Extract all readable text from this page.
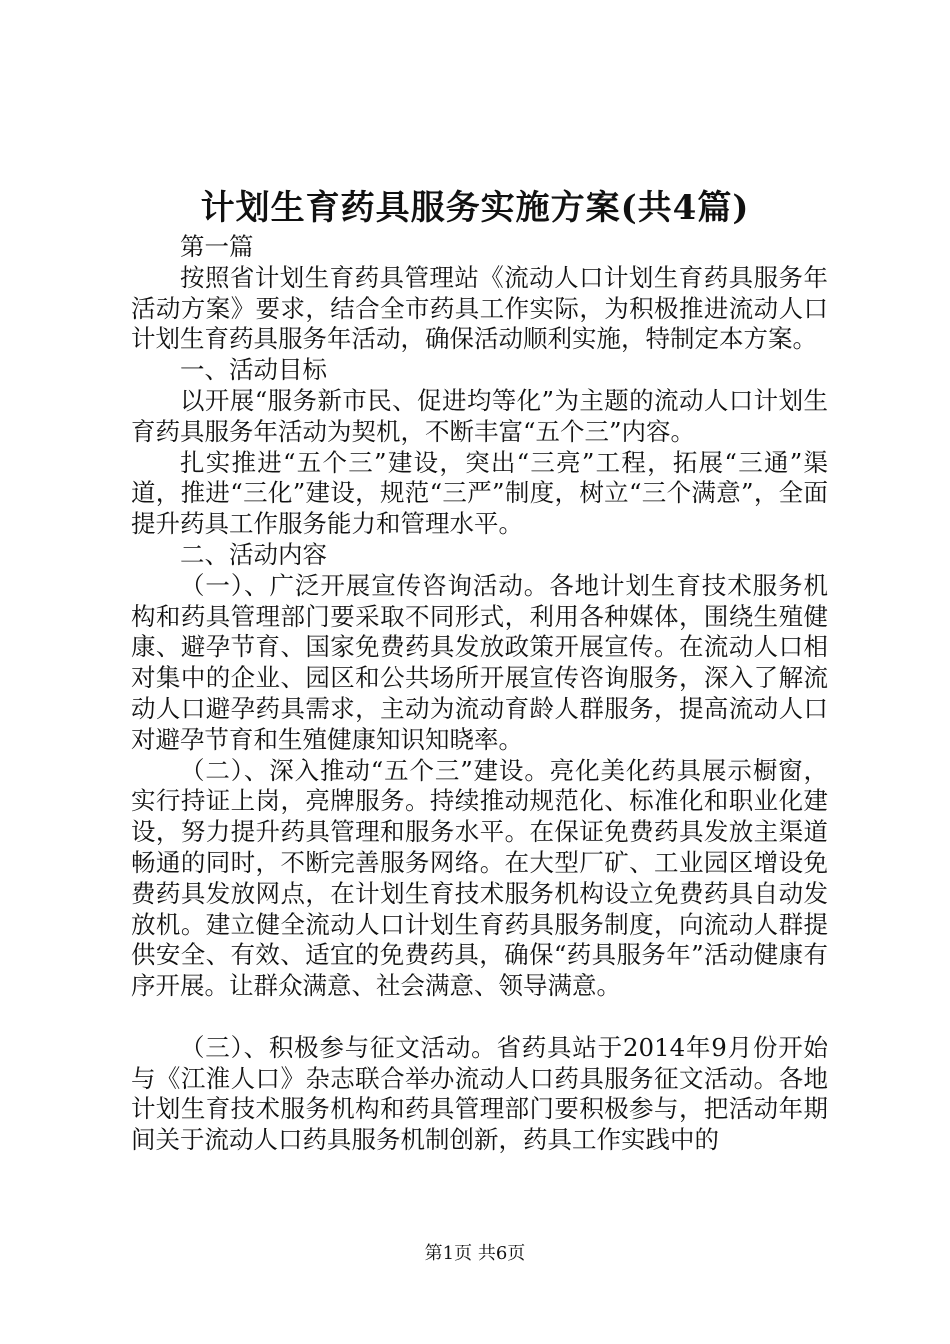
计划生育药具服务实施方案(共4篇)

第一篇

按照省计划生育药具管理站《流动人口计划生育药具服务年活动方案》要求，结合全市药具工作实际，为积极推进流动人口计划生育药具服务年活动，确保活动顺利实施，特制定本方案。

一、活动目标

以开展“服务新市民、促进均等化”为主题的流动人口计划生育药具服务年活动为契机，不断丰富“五个三”内容。

扎实推进“五个三”建设，突出“三亮”工程，拓展“三通”渠道，推进“三化”建设，规范“三严”制度，树立“三个满意”，全面提升药具工作服务能力和管理水平。

二、活动内容

（一）、广泛开展宣传咨询活动。各地计划生育技术服务机构和药具管理部门要采取不同形式，利用各种媒体，围绕生殖健康、避孕节育、国家免费药具发放政策开展宣传。在流动人口相对集中的企业、园区和公共场所开展宣传咨询服务，深入了解流动人口避孕药具需求，主动为流动育龄人群服务，提高流动人口对避孕节育和生殖健康知识知晓率。

（二）、深入推动“五个三”建设。亮化美化药具展示橱窗，实行持证上岗，亮牌服务。持续推动规范化、标准化和职业化建设，努力提升药具管理和服务水平。在保证免费药具发放主渠道畅通的同时，不断完善服务网络。在大型厂矿、工业园区增设免费药具发放网点，在计划生育技术服务机构设立免费药具自动发放机。建立健全流动人口计划生育药具服务制度，向流动人群提供安全、有效、适宜的免费药具，确保“药具服务年”活动健康有序开展。让群众满意、社会满意、领导满意。

（三）、积极参与征文活动。省药具站于2014年9月份开始与《江淮人口》杂志联合举办流动人口药具服务征文活动。各地计划生育技术服务机构和药具管理部门要积极参与，把活动年期间关于流动人口药具服务机制创新，药具工作实践中的

第1页 共6页
